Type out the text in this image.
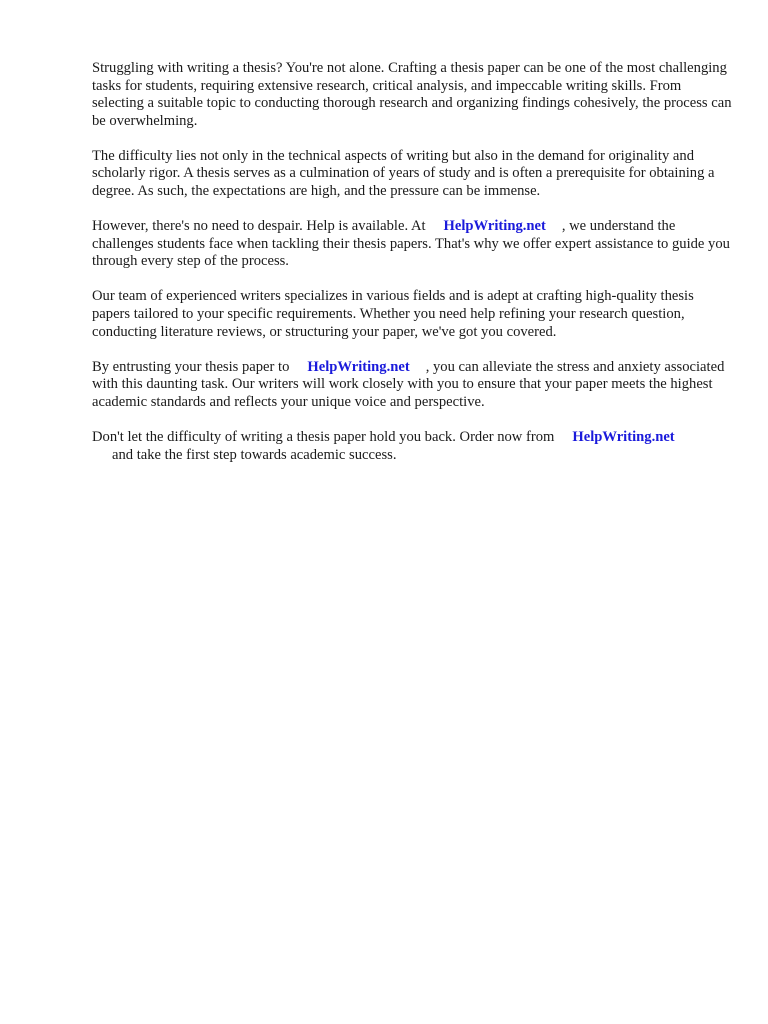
Struggling with writing a thesis? You're not alone. Crafting a thesis paper can be one of the most challenging tasks for students, requiring extensive research, critical analysis, and impeccable writing skills. From selecting a suitable topic to conducting thorough research and organizing findings cohesively, the process can be overwhelming.

The difficulty lies not only in the technical aspects of writing but also in the demand for originality and scholarly rigor. A thesis serves as a culmination of years of study and is often a prerequisite for obtaining a degree. As such, the expectations are high, and the pressure can be immense.

However, there's no need to despair. Help is available. At HelpWriting.net , we understand the challenges students face when tackling their thesis papers. That's why we offer expert assistance to guide you through every step of the process.

Our team of experienced writers specializes in various fields and is adept at crafting high-quality thesis papers tailored to your specific requirements. Whether you need help refining your research question, conducting literature reviews, or structuring your paper, we've got you covered.

By entrusting your thesis paper to HelpWriting.net , you can alleviate the stress and anxiety associated with this daunting task. Our writers will work closely with you to ensure that your paper meets the highest academic standards and reflects your unique voice and perspective.

Don't let the difficulty of writing a thesis paper hold you back. Order now from HelpWriting.net
and take the first step towards academic success.
